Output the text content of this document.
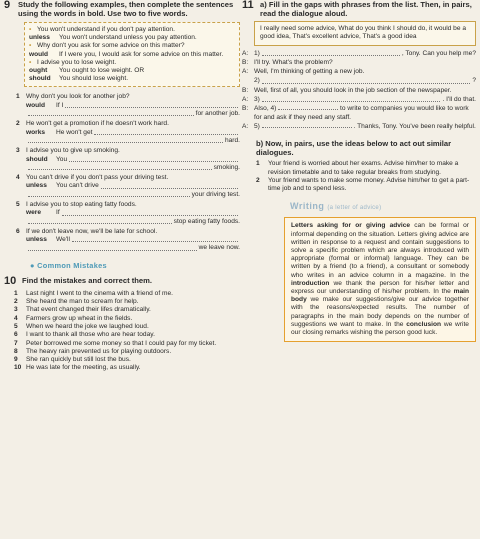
9	Study the following examples, then complete the sentences using the words in bold. Use two to five words.
• You won't understand if you don't pay attention.
unless	You won't understand unless you pay attention.
• Why don't you ask for some advice on this matter?
would	If I were you, I would ask for some advice on this matter.
• I advise you to lose weight.
ought	You ought to lose weight. OR
should	You should lose weight.
1 Why don't you look for another job?
would	If I
for another job.
2 He won't get a promotion if he doesn't work hard.
works	He won't get
hard.
3 I advise you to give up smoking.
should	You
smoking.
4 You can't drive if you don't pass your driving test.
unless	You can't drive
your driving test.
5 I advise you to stop eating fatty foods.
were	If
stop eating fatty foods.
6 If we don't leave now, we'll be late for school.
unless	We'll
we leave now.
● Common Mistakes
10 Find the mistakes and correct them.
1	Last night I went to the cinema with a friend of me.
2	She heard the man to scream for help.
3	That event changed their lifes dramatically.
4	Farmers grow up wheat in the fields.
5	When we heard the joke we laughed loud.
6	I want to thank all those who are hear today.
7	Peter borrowed me some money so that I could pay for my ticket.
8	The heavy rain prevented us for playing outdoors.
9	She ran quickly but still lost the bus.
10 He was late for the meeting, as usually.
11 a) Fill in the gaps with phrases from the list. Then, in pairs, read the dialogue aloud.
I really need some advice, What do you think I should do, it would be a good idea, That's excellent advice, That's a good idea
A: 1)	, Tony. Can you help me?
B: I'll try. What's the problem?
A: Well, I'm thinking of getting a new job.
2)	?
B: Well, first of all, you should look in the job section of the newspaper.
A: 3)	. I'll do that.
B: Also, 4)	to write to companies you would like to work for and ask if they need any staff.
A: 5)	. Thanks, Tony. You've been really helpful.
b) Now, in pairs, use the ideas below to act out similar dialogues.
1	Your friend is worried about her exams. Advise him/her to make a revision timetable and to take regular breaks from studying.
2	Your friend wants to make some money. Advise him/her to get a part-time job and to spend less.
Writing (a letter of advice)
Letters asking for or giving advice can be formal or informal depending on the situation. Letters giving advice are written in response to a request and contain suggestions to solve a specific problem which are always introduced with appropriate (formal or informal) language. They can be written by a friend (to a friend), a consultant or somebody who writes in an advice column in a magazine. In the introduction we thank the person for his/her letter and express our understanding of his/her problem. In the main body we make our suggestions/give our advice together with the reasons/expected results. The number of paragraphs in the main body depends on the number of suggestions we want to make. In the conclusion we write our closing remarks wishing the person good luck.
